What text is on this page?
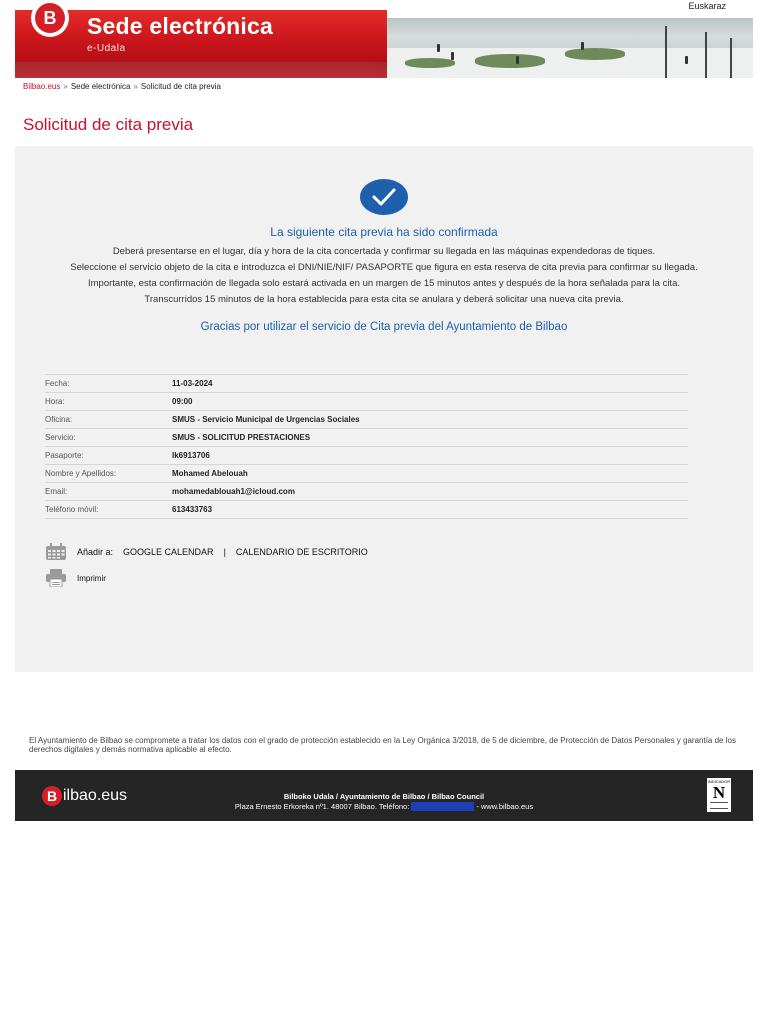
Euskaraz
Sede electrónica
e-Udala
B
Bilbao.eus » Sede electrónica » Solicitud de cita previa
Solicitud de cita previa
La siguiente cita previa ha sido confirmada

Deberá presentarse en el lugar, día y hora de la cita concertada y confirmar su llegada en las máquinas expendedoras de tiques.

Seleccione el servicio objeto de la cita e introduzca el DNI/NIE/NIF/ PASAPORTE que figura en esta reserva de cita previa para confirmar su llegada.

Importante, esta confirmación de llegada solo estará activada en un margen de 15 minutos antes y después de la hora señalada para la cita.

Transcurridos 15 minutos de la hora establecida para esta cita se anulara y deberá solicitar una nueva cita previa.

Gracias por utilizar el servicio de Cita previa del Ayuntamiento de Bilbao
Fecha:	11-03-2024
Hora:	09:00
Oficina:	SMUS - Servicio Municipal de Urgencias Sociales
Servicio:	SMUS - SOLICITUD PRESTACIONES
Pasaporte:	lk6913706
Nombre y Apellidos:	Mohamed Abelouah
Email:	mohamedablouah1@icloud.com
Teléfono móvil:	613433763
Añadir a: GOOGLE CALENDAR | CALENDARIO DE ESCRITORIO
Imprimir
El Ayuntamiento de Bilbao se compromete a tratar los datos con el grado de protección establecido en la Ley Orgánica 3/2018, de 5 de diciembre, de Protección de Datos Personales y garantía de los derechos digitales y demás normativa aplicable al efecto.
B ilbao .eus	Bilboko Udala / Ayuntamiento de Bilbao / Bilbao Council
Plaza Ernesto Erkoreka nº1. 48007 Bilbao. Teléfono: 010 - 944 241 700 - www.bilbao.eus
INDICADOR
N
